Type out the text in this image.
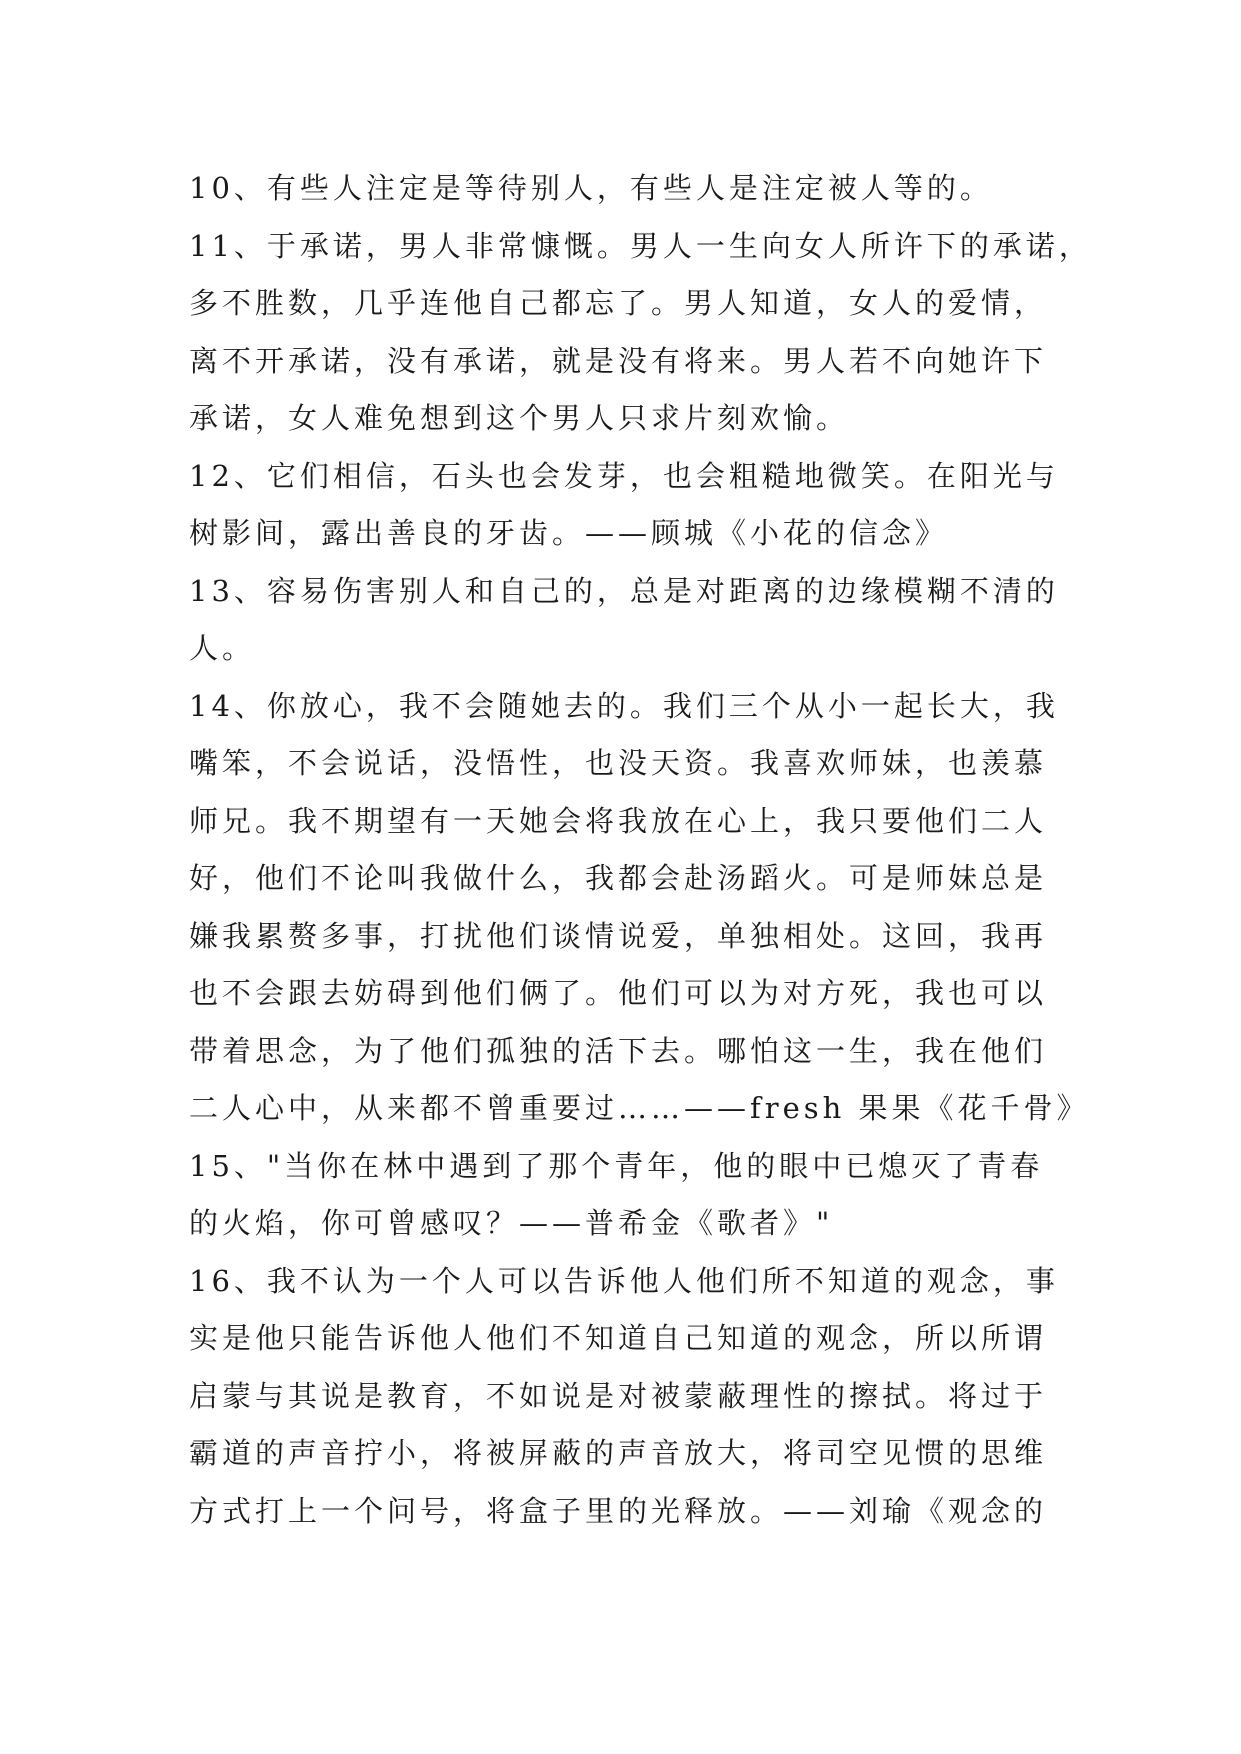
10、有些人注定是等待别人，有些人是注定被人等的。
11、于承诺，男人非常慷慨。男人一生向女人所许下的承诺，
多不胜数，几乎连他自己都忘了。男人知道，女人的爱情，
离不开承诺，没有承诺，就是没有将来。男人若不向她许下
承诺，女人难免想到这个男人只求片刻欢愉。
12、它们相信，石头也会发芽，也会粗糙地微笑。在阳光与
树影间，露出善良的牙齿。——顾城《小花的信念》
13、容易伤害别人和自己的，总是对距离的边缘模糊不清的
人。
14、你放心，我不会随她去的。我们三个从小一起长大，我
嘴笨，不会说话，没悟性，也没天资。我喜欢师妹，也羡慕
师兄。我不期望有一天她会将我放在心上，我只要他们二人
好，他们不论叫我做什么，我都会赴汤蹈火。可是师妹总是
嫌我累赘多事，打扰他们谈情说爱，单独相处。这回，我再
也不会跟去妨碍到他们俩了。他们可以为对方死，我也可以
带着思念，为了他们孤独的活下去。哪怕这一生，我在他们
二人心中，从来都不曾重要过……——fresh 果果《花千骨》
15、"当你在林中遇到了那个青年，他的眼中已熄灭了青春
的火焰，你可曾感叹？——普希金《歌者》"
16、我不认为一个人可以告诉他人他们所不知道的观念，事
实是他只能告诉他人他们不知道自己知道的观念，所以所谓
启蒙与其说是教育，不如说是对被蒙蔽理性的擦拭。将过于
霸道的声音拧小，将被屏蔽的声音放大，将司空见惯的思维
方式打上一个问号，将盒子里的光释放。——刘瑜《观念的
